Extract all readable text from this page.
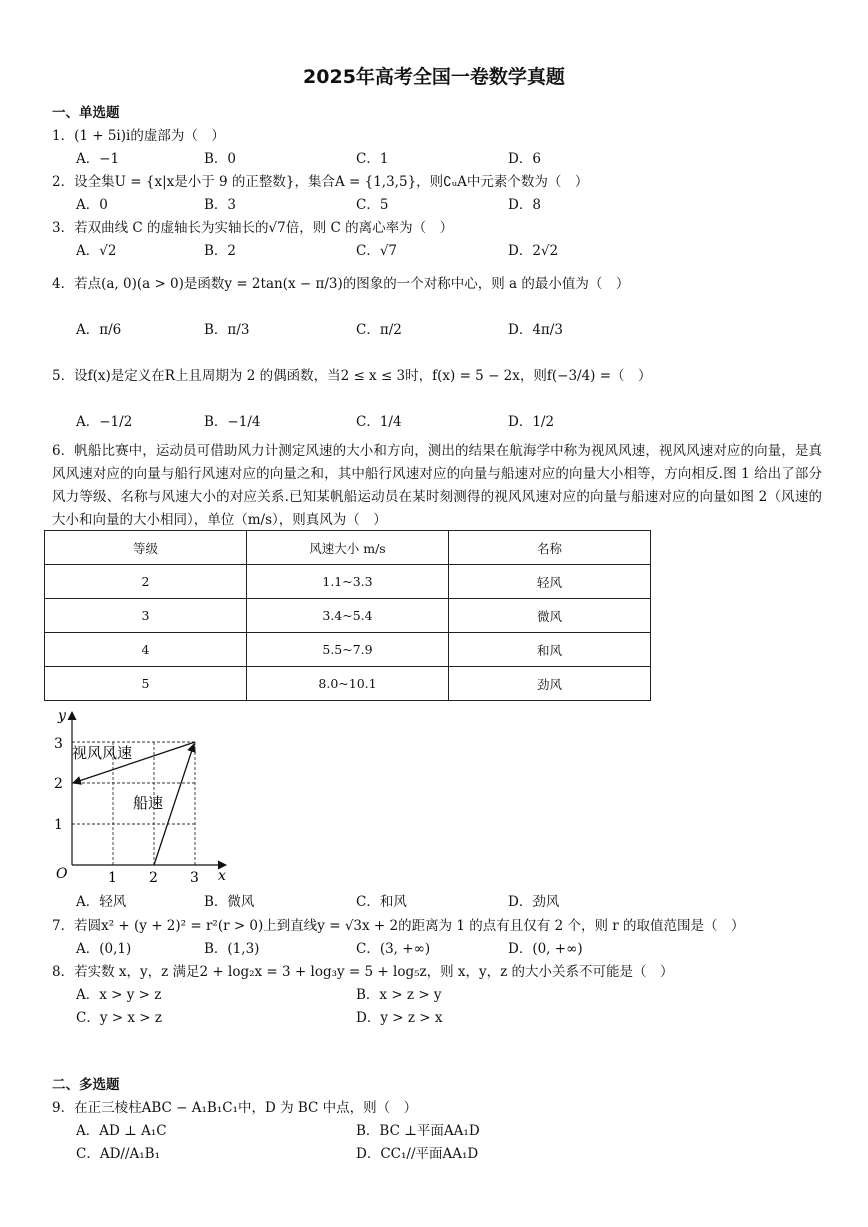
2025年高考全国一卷数学真题
一、单选题
1．(1 + 5i)i的虚部为（　）
A．−1	B．0	C．1	D．6
2．设全集U = {x|x是小于 9 的正整数}，集合A = {1,3,5}，则∁ᵤA中元素个数为（　）
A．0	B．3	C．5	D．8
3．若双曲线 C 的虚轴长为实轴长的√7倍，则 C 的离心率为（　）
A．√2	B．2	C．√7	D．2√2
4．若点(a, 0)(a > 0)是函数y = 2tan(x − π/3)的图象的一个对称中心，则 a 的最小值为（　）
A．π/6	B．π/3	C．π/2	D．4π/3
5．设f(x)是定义在R上且周期为 2 的偶函数，当2 ≤ x ≤ 3时，f(x) = 5 − 2x，则f(−3/4) =（　）
A．−1/2	B．−1/4	C．1/4	D．1/2
6．帆船比赛中，运动员可借助风力计测定风速的大小和方向，测出的结果在航海学中称为视风风速，视风风速对应的向量，是真风风速对应的向量与船行风速对应的向量之和，其中船行风速对应的向量与船速对应的向量大小相等，方向相反.图 1 给出了部分风力等级、名称与风速大小的对应关系.已知某帆船运动员在某时刻测得的视风风速对应的向量与船速对应的向量如图 2（风速的大小和向量的大小相同），单位（m/s），则真风为（　）
等级	风速大小 m/s	名称
2	1.1~3.3	轻风
3	3.4~5.4	微风
4	5.5~7.9	和风
5	8.0~10.1	劲风
x
y
O	1 2 3
1
2
3 视风风速
船速
A．轻风	B．微风	C．和风	D．劲风
7．若圆x² + (y + 2)² = r²(r > 0)上到直线y = √3x + 2的距离为 1 的点有且仅有 2 个，则 r 的取值范围是（　）
A．(0,1)	B．(1,3)	C．(3, +∞)	D．(0, +∞)
8．若实数 x，y，z 满足2 + log₂x = 3 + log₃y = 5 + log₅z，则 x，y，z 的大小关系不可能是（　）
A．x > y > z	B．x > z > y
C．y > x > z	D．y > z > x
二、多选题
9．在正三棱柱ABC − A₁B₁C₁中，D 为 BC 中点，则（　）
A．AD ⊥ A₁C	B．BC ⊥平面AA₁D
C．AD//A₁B₁	D．CC₁//平面AA₁D
